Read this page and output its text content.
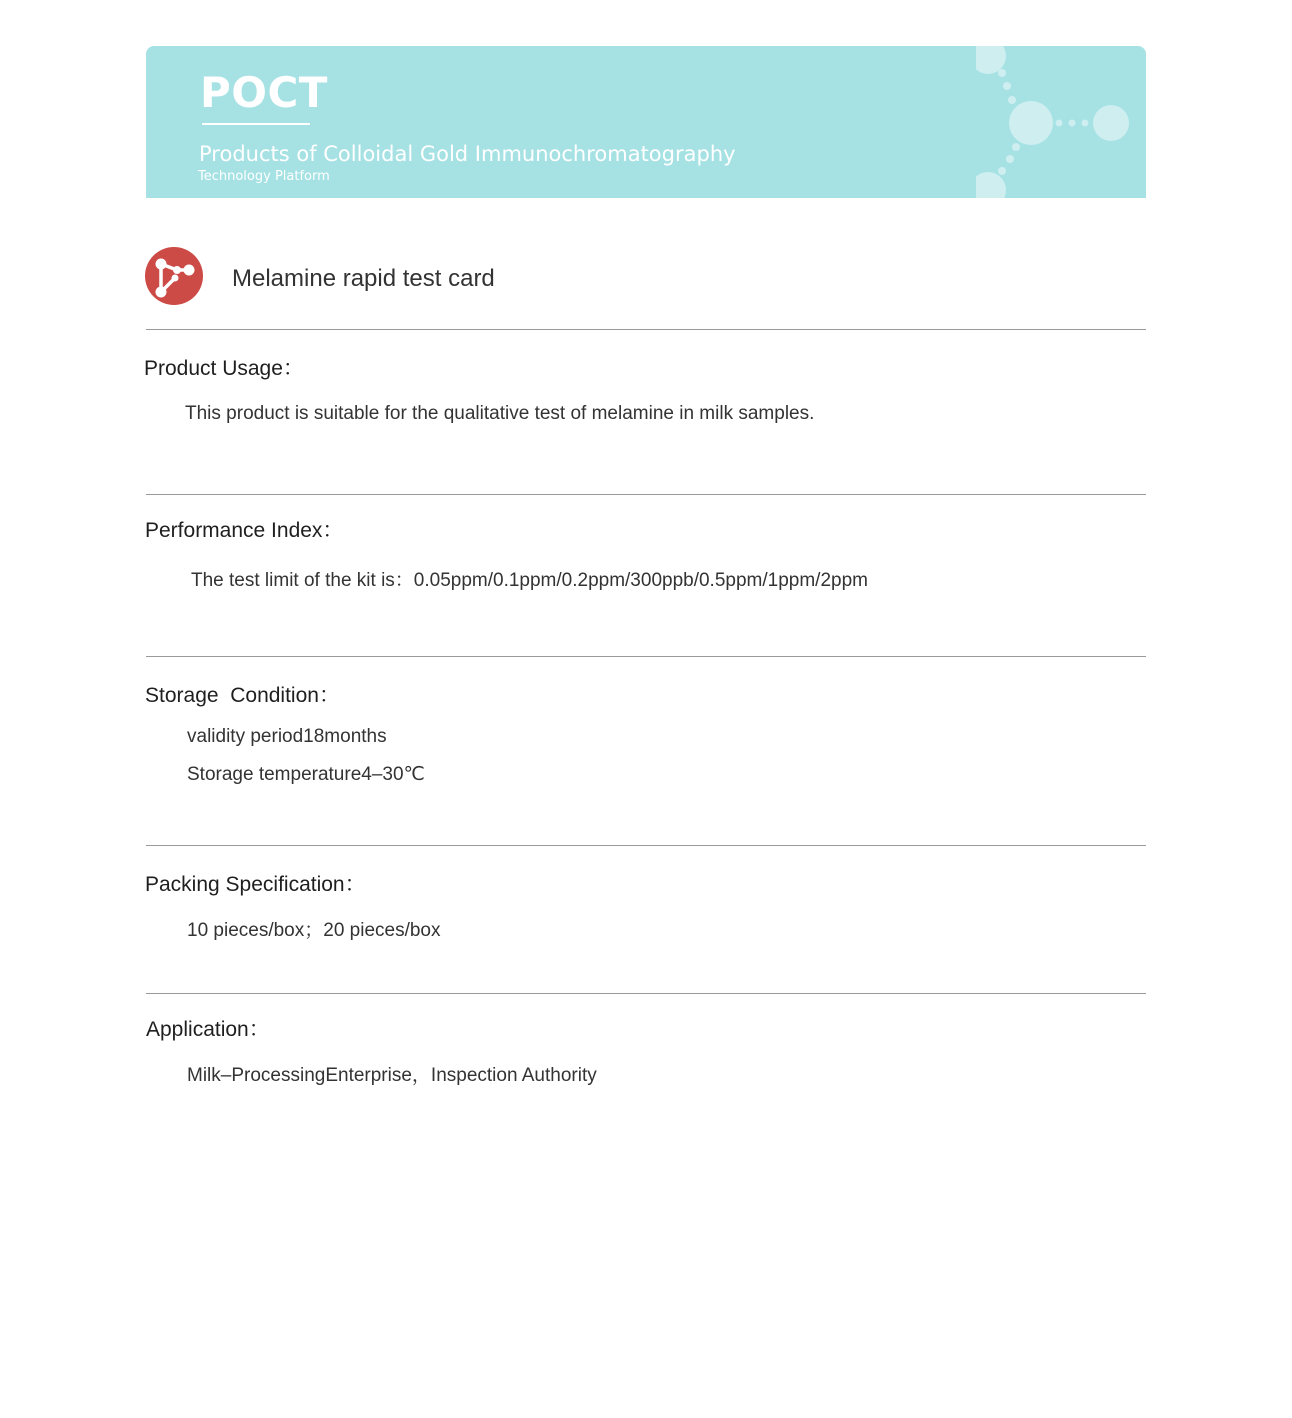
POCT
Products of Colloidal Gold Immunochromatography
Technology Platform
Melamine rapid test card
Product Usage：
This product is suitable for the qualitative test of melamine in milk samples.
Performance Index：
The test limit of the kit is：0.05ppm/0.1ppm/0.2ppm/300ppb/0.5ppm/1ppm/2ppm
Storage  Condition：
validity period18months
Storage temperature4–30℃
Packing Specification：
10 pieces/box；20 pieces/box
Application：
Milk–ProcessingEnterprise，Inspection Authority
